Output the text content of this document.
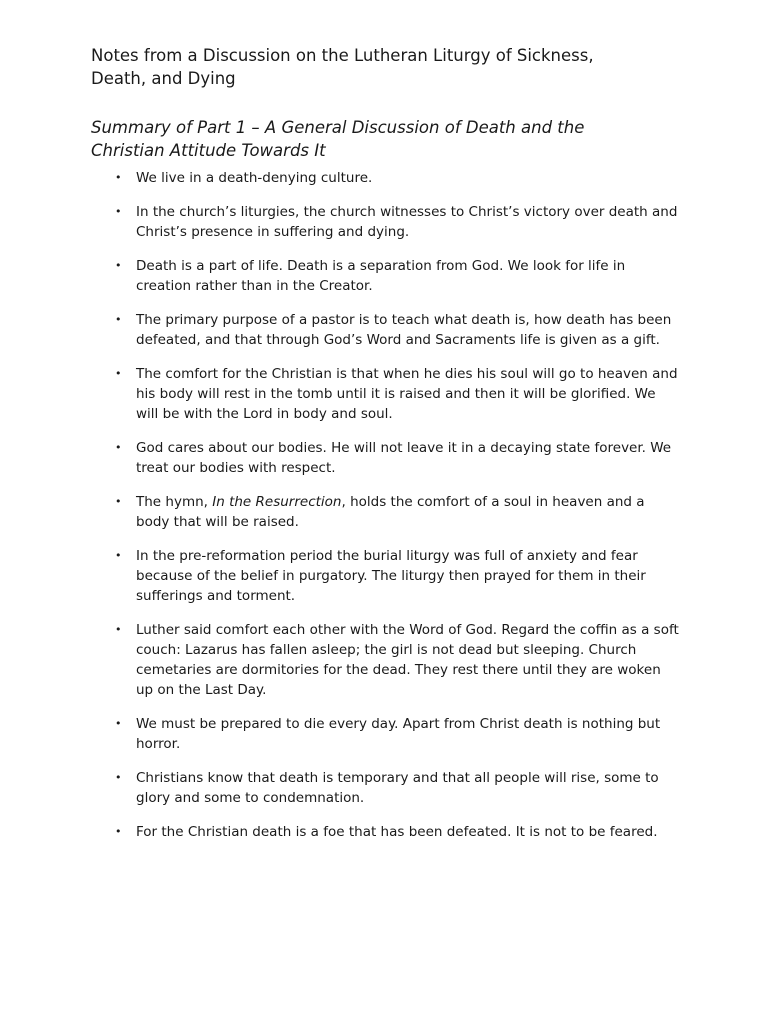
Notes from a Discussion on the Lutheran Liturgy of Sickness, Death, and Dying
Summary of Part 1 – A General Discussion of Death and the Christian Attitude Towards It
• We live in a death-denying culture.
• In the church’s liturgies, the church witnesses to Christ’s victory over death and Christ’s presence in suffering and dying.
• Death is a part of life. Death is a separation from God. We look for life in creation rather than in the Creator.
• The primary purpose of a pastor is to teach what death is, how death has been defeated, and that through God’s Word and Sacraments life is given as a gift.
• The comfort for the Christian is that when he dies his soul will go to heaven and his body will rest in the tomb until it is raised and then it will be glorified. We will be with the Lord in body and soul.
• God cares about our bodies. He will not leave it in a decaying state forever. We treat our bodies with respect.
• The hymn, In the Resurrection, holds the comfort of a soul in heaven and a body that will be raised.
• In the pre-reformation period the burial liturgy was full of anxiety and fear because of the belief in purgatory. The liturgy then prayed for them in their sufferings and torment.
• Luther said comfort each other with the Word of God. Regard the coffin as a soft couch: Lazarus has fallen asleep; the girl is not dead but sleeping. Church cemetaries are dormitories for the dead. They rest there until they are woken up on the Last Day.
• We must be prepared to die every day. Apart from Christ death is nothing but horror.
• Christians know that death is temporary and that all people will rise, some to glory and some to condemnation.
• For the Christian death is a foe that has been defeated. It is not to be feared.
